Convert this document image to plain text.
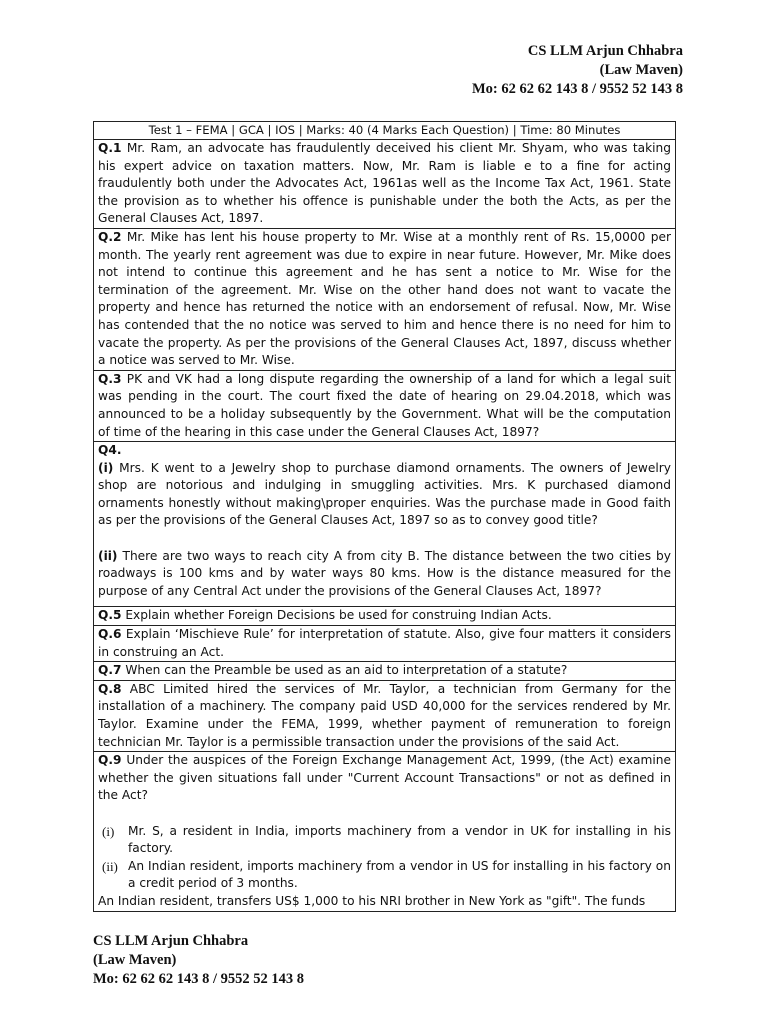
CS LLM Arjun Chhabra
(Law Maven)
Mo: 62 62 62 143 8 / 9552 52 143 8
Test 1 – FEMA | GCA | IOS | Marks: 40 (4 Marks Each Question) | Time: 80 Minutes
Q.1 Mr. Ram, an advocate has fraudulently deceived his client Mr. Shyam, who was taking his expert advice on taxation matters. Now, Mr. Ram is liable e to a fine for acting fraudulently both under the Advocates Act, 1961as well as the Income Tax Act, 1961. State the provision as to whether his offence is punishable under the both the Acts, as per the General Clauses Act, 1897.
Q.2 Mr. Mike has lent his house property to Mr. Wise at a monthly rent of Rs. 15,0000 per month. The yearly rent agreement was due to expire in near future. However, Mr. Mike does not intend to continue this agreement and he has sent a notice to Mr. Wise for the termination of the agreement. Mr. Wise on the other hand does not want to vacate the property and hence has returned the notice with an endorsement of refusal. Now, Mr. Wise has contended that the no notice was served to him and hence there is no need for him to vacate the property. As per the provisions of the General Clauses Act, 1897, discuss whether a notice was served to Mr. Wise.
Q.3 PK and VK had a long dispute regarding the ownership of a land for which a legal suit was pending in the court. The court fixed the date of hearing on 29.04.2018, which was announced to be a holiday subsequently by the Government. What will be the computation of time of the hearing in this case under the General Clauses Act, 1897?

Q4.
(i) Mrs. K went to a Jewelry shop to purchase diamond ornaments. The owners of Jewelry shop are notorious and indulging in smuggling activities. Mrs. K purchased diamond ornaments honestly without making\proper enquiries. Was the purchase made in Good faith as per the provisions of the General Clauses Act, 1897 so as to convey good title?
(ii) There are two ways to reach city A from city B. The distance between the two cities by roadways is 100 kms and by water ways 80 kms. How is the distance measured for the purpose of any Central Act under the provisions of the General Clauses Act, 1897?

Q.5 Explain whether Foreign Decisions be used for construing Indian Acts.
Q.6 Explain ‘Mischieve Rule’ for interpretation of statute. Also, give four matters it considers in construing an Act.
Q.7 When can the Preamble be used as an aid to interpretation of a statute?
Q.8 ABC Limited hired the services of Mr. Taylor, a technician from Germany for the installation of a machinery. The company paid USD 40,000 for the services rendered by Mr. Taylor. Examine under the FEMA, 1999, whether payment of remuneration to foreign technician Mr. Taylor is a permissible transaction under the provisions of the said Act.

Q.9 Under the auspices of the Foreign Exchange Management Act, 1999, (the Act) examine whether the given situations fall under "Current Account Transactions" or not as defined in the Act?
(i)	Mr. S, a resident in India, imports machinery from a vendor in UK for installing in his factory.
(ii) An Indian resident, imports machinery from a vendor in US for installing in his factory on a credit period of 3 months.
An Indian resident, transfers US$ 1,000 to his NRI brother in New York as "gift". The funds
CS LLM Arjun Chhabra
(Law Maven)
Mo: 62 62 62 143 8 / 9552 52 143 8
